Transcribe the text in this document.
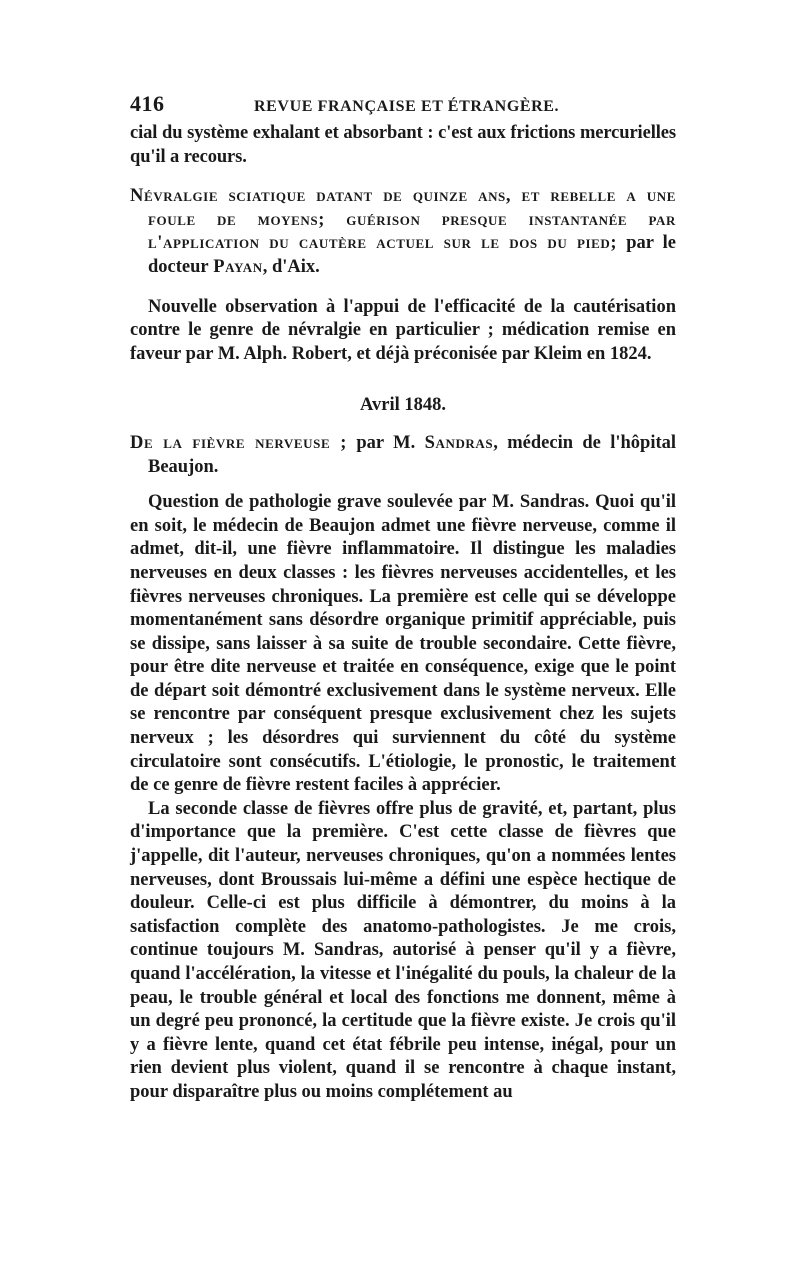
416	REVUE FRANÇAISE ET ÉTRANGÈRE.

cial du système exhalant et absorbant : c'est aux frictions mercurielles qu'il a recours.

Névralgie sciatique datant de quinze ans, et rebelle a une foule de moyens; guérison presque instantanée par l'application du cautère actuel sur le dos du pied; par le docteur Payan, d'Aix.

Nouvelle observation à l'appui de l'efficacité de la cautérisation contre le genre de névralgie en particulier ; médication remise en faveur par M. Alph. Robert, et déjà préconisée par Kleim en 1824.

Avril 1848.

De la fièvre nerveuse ; par M. Sandras, médecin de l'hôpital Beaujon.

Question de pathologie grave soulevée par M. Sandras. Quoi qu'il en soit, le médecin de Beaujon admet une fièvre nerveuse, comme il admet, dit-il, une fièvre inflammatoire. Il distingue les maladies nerveuses en deux classes : les fièvres nerveuses accidentelles, et les fièvres nerveuses chroniques. La première est celle qui se développe momentanément sans désordre organique primitif appréciable, puis se dissipe, sans laisser à sa suite de trouble secondaire. Cette fièvre, pour être dite nerveuse et traitée en conséquence, exige que le point de départ soit démontré exclusivement dans le système nerveux. Elle se rencontre par conséquent presque exclusivement chez les sujets nerveux ; les désordres qui surviennent du côté du système circulatoire sont consécutifs. L'étiologie, le pronostic, le traitement de ce genre de fièvre restent faciles à apprécier.

La seconde classe de fièvres offre plus de gravité, et, partant, plus d'importance que la première. C'est cette classe de fièvres que j'appelle, dit l'auteur, nerveuses chroniques, qu'on a nommées lentes nerveuses, dont Broussais lui-même a défini une espèce hectique de douleur. Celle-ci est plus difficile à démontrer, du moins à la satisfaction complète des anatomo-pathologistes. Je me crois, continue toujours M. Sandras, autorisé à penser qu'il y a fièvre, quand l'accélération, la vitesse et l'inégalité du pouls, la chaleur de la peau, le trouble général et local des fonctions me donnent, même à un degré peu prononcé, la certitude que la fièvre existe. Je crois qu'il y a fièvre lente, quand cet état fébrile peu intense, inégal, pour un rien devient plus violent, quand il se rencontre à chaque instant, pour disparaître plus ou moins complétement au
